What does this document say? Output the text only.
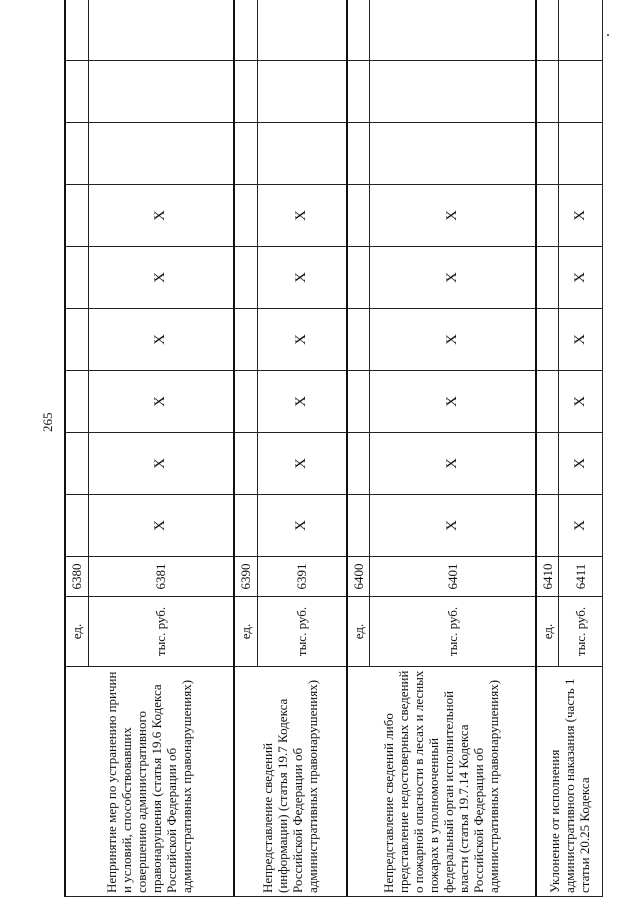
265
Непринятие мер по устранению причин и условий, способствовавших совершению административного правонарушения (статья 19.6 Кодекса Российской Федерации об административных правонарушениях)	ед.	6380									
	тыс. руб.	6381	X	X	X	X	X	X			

Непредставление сведений (информации) (статья 19.7 Кодекса Российской Федерации об административных правонарушениях)	ед.	6390									
	тыс. руб.	6391	X	X	X	X	X	X			

Непредставление сведений либо представление недостоверных сведений о пожарной опасности в лесах и лесных пожарах в уполномоченный федеральный орган исполнительной власти (статья 19.7.14 Кодекса Российской Федерации об административных правонарушениях)	ед.	6400									
	тыс. руб.	6401	X	X	X	X	X	X			

Уклонение от исполнения административного наказания (часть 1 статьи 20.25 Кодекса	ед.	6410									
	тыс. руб.	6411	X	X	X	X	X	X			
